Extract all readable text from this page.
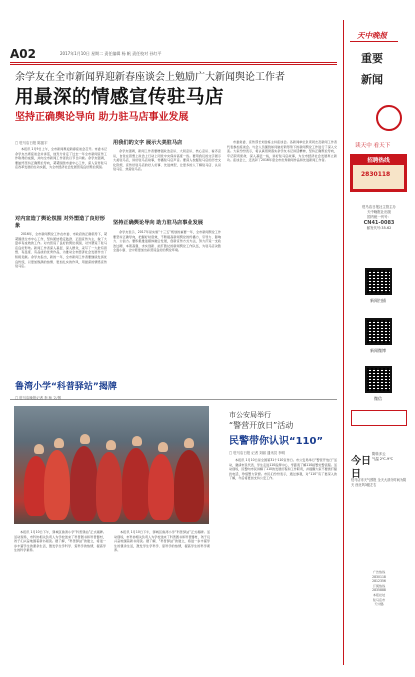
A02	2017年1月10日 星期二 责任编辑 杨 帆 责任校对 孙红平
余学友在全市新闻界迎新春座谈会上勉励广大新闻舆论工作者
用最深的情感宣传驻马店
坚持正确舆论导向 助力驻马店事业发展
□ 驻马店日报 陈振宇

本报讯 1月9日上午，全市新闻界迎新春座谈会召开。市委书记余学友出席座谈会并讲话，他充分肯定了过去一年全市新闻宣传工作取得的成绩，并向全市新闻工作者致以节日问候。余学友强调，要始终坚持正确舆论导向，紧紧围绕市委中心工作，深入宣传驻马店改革发展的生动实践，为全市经济社会发展营造良好舆论氛围。

对内宣造了舆论氛围 对外塑造了良好形象

2016年，全市新闻舆论工作在市委、市政府的正确领导下，紧紧围绕全市中心工作，坚持团结稳定鼓劲、正面宣传为主，做了大量卓有成效的工作。对内营造了良好的舆论氛围，对外塑造了驻马店良好形象。新闻工作者深入基层、深入群众，采写了一大批有思想、有温度、有品质的优秀作品，为推动全市经济社会发展作出了积极贡献。余学友指出，新的一年，全市新闻工作者要继续发扬优良传统，以更加饱满的热情、更加扎实的作风，用最深的情感宣传驻马店。

用我们的文字 展示大美驻马店

余学友强调，新闻工作者要增强政治意识、大局意识、核心意识、看齐意识，自觉在思想上政治上行动上同党中央保持高度一致。要用我们的文字展示大美驻马店，讲好驻马店故事，传播驻马店声音。要深入挖掘驻马店的历史文化资源，宣传好驻马店的好人好事、先进典型，让更多的人了解驻马店、认识驻马店、热爱驻马店。

坚持正确舆论导向 助力驻马店事业发展

余学友表示，2017年是实施“十三五”规划的重要一年，全市新闻舆论工作要坚持正确导向，把握好时度效，不断提高新闻舆论的传播力、引导力、影响力、公信力。要积极推进媒体融合发展，创新宣传方式方法，努力打造一支政治过硬、本领高强、求实创新、能打胜仗的新闻舆论工作队伍，为驻马店决胜全面小康、让中原更加出彩营造良好的舆论环境。

市委常委、宣传部长刘金栋主持座谈会。各新闻单位负责同志及新闻工作者代表参加座谈会。与会人员围绕如何做好新形势下的新闻舆论工作进行了深入交流。大家纷纷表示，将认真贯彻落实余学友书记讲话精神，坚持正确舆论导向，牢记职责使命，深入基层一线，讲好驻马店故事，为全市经济社会发展再立新功。座谈会上，还表彰了2016年度全市优秀新闻作品和先进新闻工作者。

鲁湾小学“科普驿站”揭牌
□ 驻马店晚报记者 李 杨 文/图

本报讯 1月10日下午，驿城区鲁湾小学“科普驿站”正式揭牌。活动现场，市科协相关负责人为学校送来了科普图书和科普器材，孩子们兴奋地围着新书阅读。据了解，“科普驿站”的建立，将进一步丰富学生的课余生活，激发学生学科学、爱科学的热情，提高学生的科学素养。

本报讯 1月10日下午，驿城区鲁湾小学“科普驿站”正式揭牌。活动现场，市科协相关负责人为学校送来了科普图书和科普器材，孩子们兴奋地围着新书阅读。据了解，“科普驿站”的建立，将进一步丰富学生的课余生活，激发学生学科学、爱科学的热情，提高学生的科学素养。

市公安局举行
“警营开放日”活动
民警带你认识“110”
□ 驻马店日报 记者 刘丽 通讯员 李明

本报讯 1月10日是全国第31个110宣传日。市公安局举行“警营开放日”活动，邀请市民代表、学生走进110指挥中心，零距离了解110接警处警流程。活动现场，民警向市民讲解了110的发展历程和工作职责，并提醒大家不要拨打骚扰电话，珍惜警力资源。市民们纷纷表示，通过参观，对“110”有了更深入的了解，今后将更加支持公安工作。

天中晚报
重要
新闻
读天中 看天下
招聘热线
2830118
驻马店日报社主管主办
天中晚报社出版
国内统一刊号：
CN41-0083
邮发代号:35-62
新闻扫描
新闻微博
微信
今日
日
阴转多云
气温 2℃-9℃
驻马店市天气预报 全天大部分时间为阴天 西北风3级左右
广告热线
2830118
2812356
订阅热线
2835888
本报社址
驻马店市
天中路
